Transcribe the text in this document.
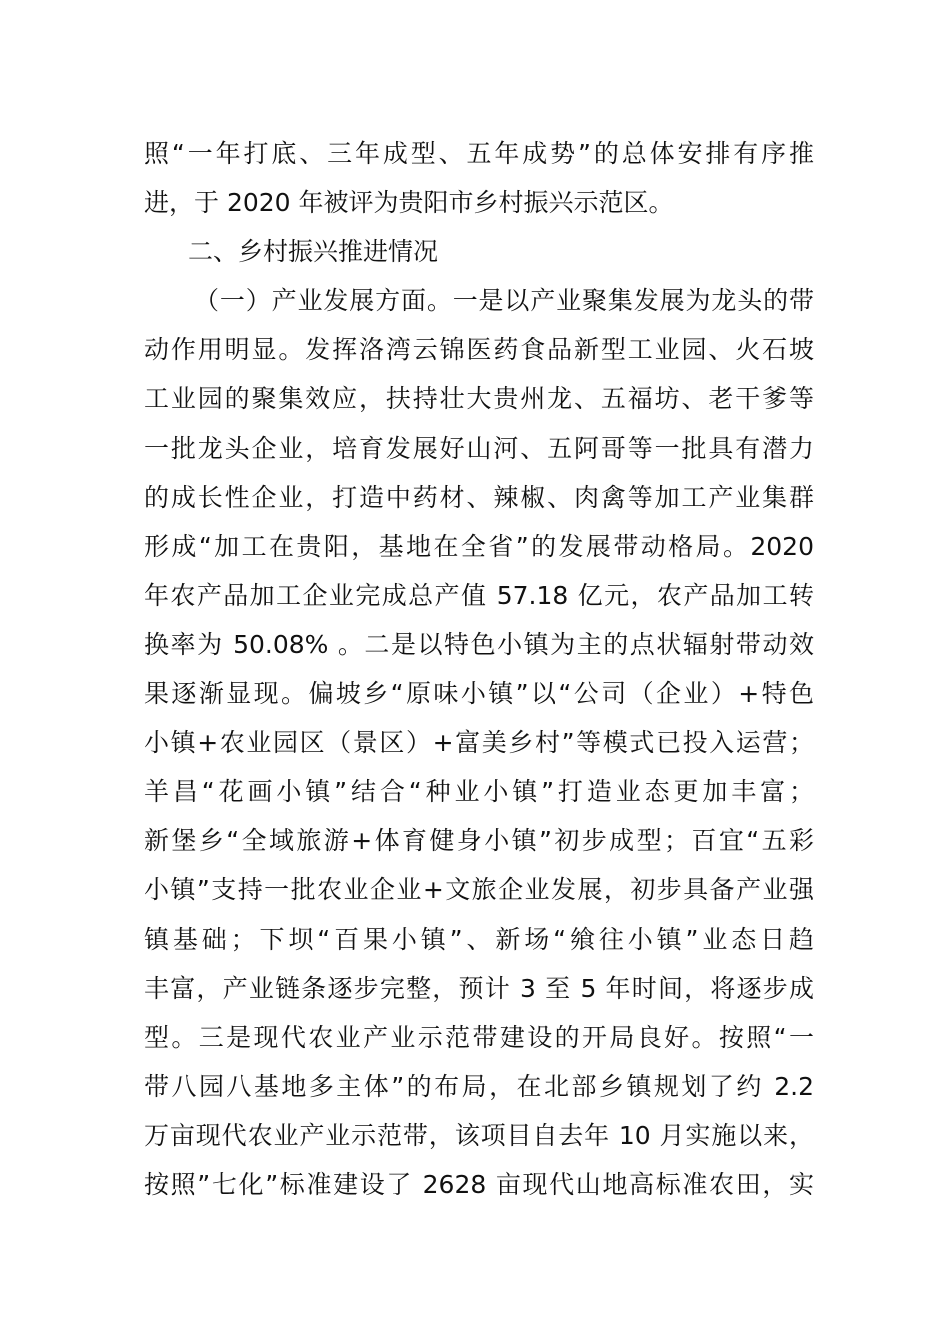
照“一年打底、三年成型、五年成势”的总体安排有序推
进，于 2020 年被评为贵阳市乡村振兴示范区。
二、乡村振兴推进情况
（一）产业发展方面。一是以产业聚集发展为龙头的带
动作用明显。发挥洛湾云锦医药食品新型工业园、火石坡
工业园的聚集效应，扶持壮大贵州龙、五福坊、老干爹等
一批龙头企业，培育发展好山河、五阿哥等一批具有潜力
的成长性企业，打造中药材、辣椒、肉禽等加工产业集群
形成“加工在贵阳，基地在全省”的发展带动格局。2020
年农产品加工企业完成总产值 57.18 亿元，农产品加工转
换率为 50.08% 。二是以特色小镇为主的点状辐射带动效
果逐渐显现。偏坡乡“原味小镇”以“公司（企业）+特色
小镇+农业园区（景区）+富美乡村”等模式已投入运营；
羊昌“花画小镇”结合“种业小镇”打造业态更加丰富；
新堡乡“全域旅游+体育健身小镇”初步成型；百宜“五彩
小镇”支持一批农业企业+文旅企业发展，初步具备产业强
镇基础；下坝“百果小镇”、新场“飨往小镇”业态日趋
丰富，产业链条逐步完整，预计 3 至 5 年时间，将逐步成
型。三是现代农业产业示范带建设的开局良好。按照“一
带八园八基地多主体”的布局，在北部乡镇规划了约 2.2
万亩现代农业产业示范带，该项目自去年 10 月实施以来，
按照”七化”标准建设了 2628 亩现代山地高标准农田，实
